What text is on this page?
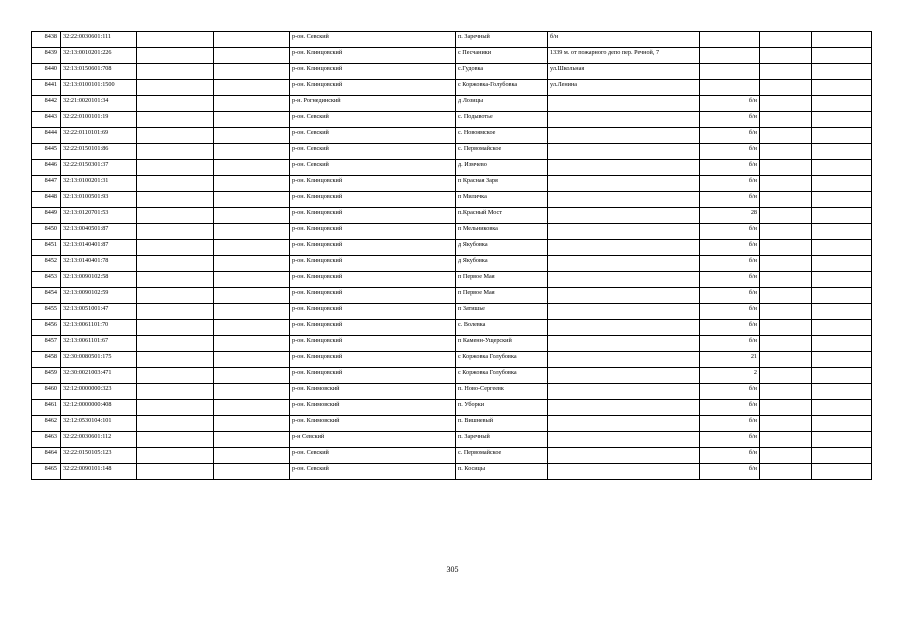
8438	32:22:0030601:111			р-он. Севский	п. Заречный	б/н			
8439	32:13:0010201:226			р-он. Клинцовский	с Песчаники	1339 м. от пожарного депо пер. Речной, 7			
8440	32:13:0150601:708			р-он. Клинцовский	с.Гудовка	ул.Школьная			
8441	32:13:0100101:1500			р-он. Клинцовский	с Коржовка-Голубовка	ул.Ленина			
8442	32:21:0020101:34			р-н. Рогнединский	д Лозицы		б/н		
8443	32:22:0100101:19			р-он. Севский	с. Подывотье		б/н		
8444	32:22:0110101:69			р-он. Севский	с. Новоямское		б/н		
8445	32:22:0150101:86			р-он. Севский	с. Первомайское		б/н		
8446	32:22:0150301:37			р-он. Севский	д. Измчево		б/н		
8447	32:13:0100201:31			р-он. Клинцовский	п Красная Заря		б/н		
8448	32:13:0100501:93			р-он. Клинцовский	п Миличка		б/н		
8449	32:13:0120701:53			р-он. Клинцовский	п.Красный Мост		28		
8450	32:13:0040501:87			р-он. Клинцовский	п Мельниковка		б/н		
8451	32:13:0140401:87			р-он. Клинцовский	д Якубовка		б/н		
8452	32:13:0140401:78			р-он. Клинцовский	д Якубовка		б/н		
8453	32:13:0090102:58			р-он. Клинцовский	п Первое Мая		б/н		
8454	32:13:0090102:59			р-он. Клинцовский	п Первое Мая		б/н		
8455	32:13:0051001:47			р-он. Клинцовский	п Затишье		б/н		
8456	32:13:0061101:70			р-он. Клинцовский	с. Волевка		б/н		
8457	32:13:0061101:67			р-он. Клинцовский	п Каменн-Ущерский		б/н		
8458	32:30:0080501:175			р-он. Клинцовский	с Коржовка Голубовка		21		
8459	32:30:0021003:471			р-он. Клинцовский	с Коржовка Голубовка		2		
8460	32:12:0000000:323			р-он. Климовский	п. Ново-Сергеевк		б/н		
8461	32:12:0000000:408			р-он. Климовский	п. Уборки		б/н		
8462	32:12:0530104:101			р-он. Климовский	п. Вишневый		б/н		
8463	32:22:0030601:112			р-н Севский	п. Заречный		б/н		
8464	32:22:0150105:123			р-он. Севский	с. Первомайское		б/н		
8465	32:22:0090101:148			р-он. Севский	п. Косицы		б/н		
305
